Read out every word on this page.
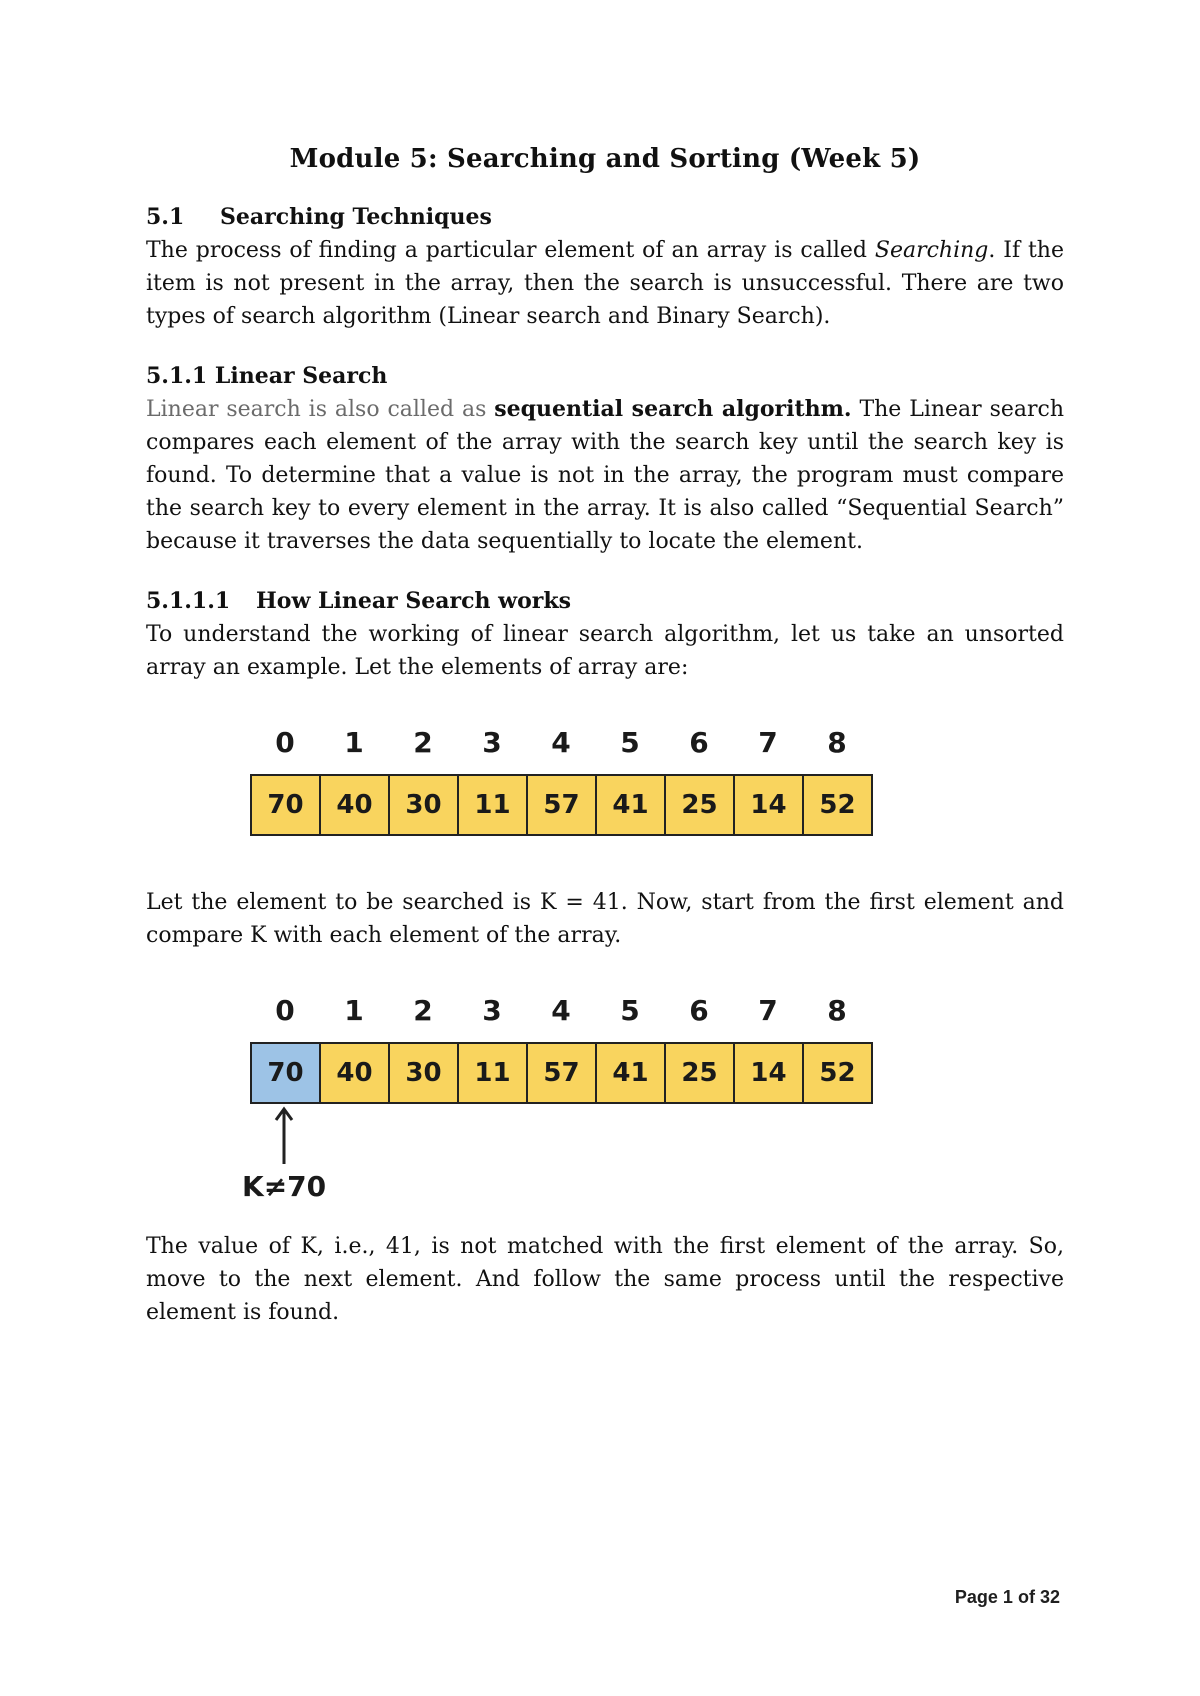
Module 5: Searching and Sorting (Week 5)
5.1 Searching Techniques

The process of finding a particular element of an array is called Searching. If the item is not present in the array, then the search is unsuccessful. There are two types of search algorithm (Linear search and Binary Search).

5.1.1 Linear Search

Linear search is also called as sequential search algorithm. The Linear search compares each element of the array with the search key until the search key is found. To determine that a value is not in the array, the program must compare the search key to every element in the array. It is also called “Sequential Search” because it traverses the data sequentially to locate the element.

5.1.1.1 How Linear Search works

To understand the working of linear search algorithm, let us take an unsorted array an example. Let the elements of array are:

0	1	2	3	4	5	6	7	8
70	40	30	11	57	41	25	14	52

Let the element to be searched is K = 41. Now, start from the first element and compare K with each element of the array.

0	1	2	3	4	5	6	7	8
70	40	30	11	57	41	25	14	52
K≠70

The value of K, i.e., 41, is not matched with the first element of the array. So, move to the next element. And follow the same process until the respective element is found.

Page 1 of 32
